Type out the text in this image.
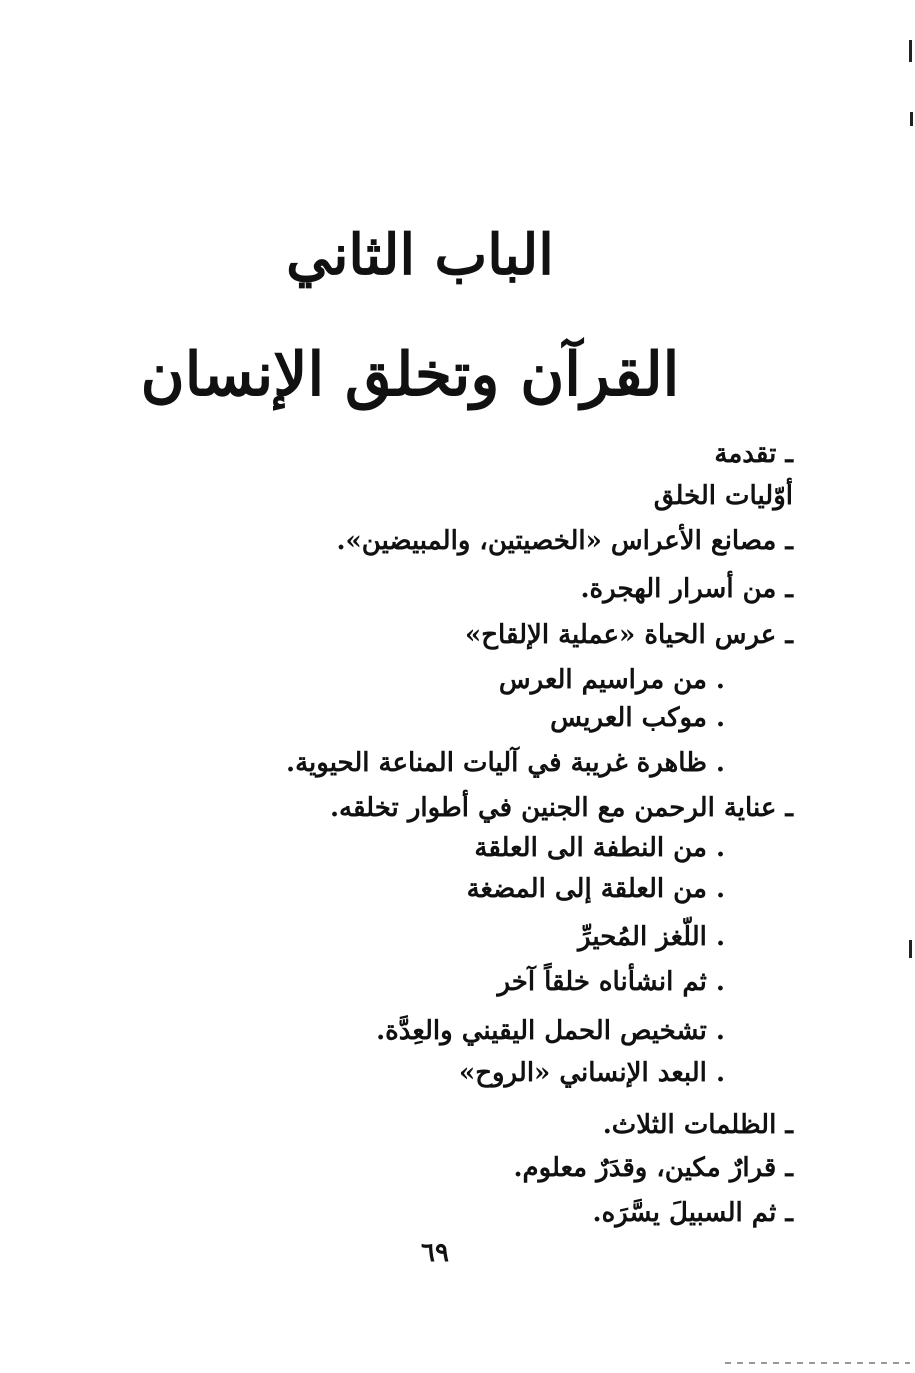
الباب الثاني
القرآن وتخلق الإنسان
ـ تقدمة
أوّليات الخلق
ـ مصانع الأعراس «الخصيتين، والمبيضين».
ـ من أسرار الهجرة.
ـ عرس الحياة «عملية الإلقاح»
. من مراسيم العرس
. موكب العريس
. ظاهرة غريبة في آليات المناعة الحيوية.
ـ عناية الرحمن مع الجنين في أطوار تخلقه.
. من النطفة الى العلقة
. من العلقة إلى المضغة
. اللّغز المُحيرِّ
. ثم انشأناه خلقاً آخر
. تشخيص الحمل اليقيني والعِدَّة.
. البعد الإنساني «الروح»
ـ الظلمات الثلاث.
ـ قرارٌ مكين، وقدَرٌ معلوم.
ـ ثم السبيلَ يسَّرَه.
٦٩
